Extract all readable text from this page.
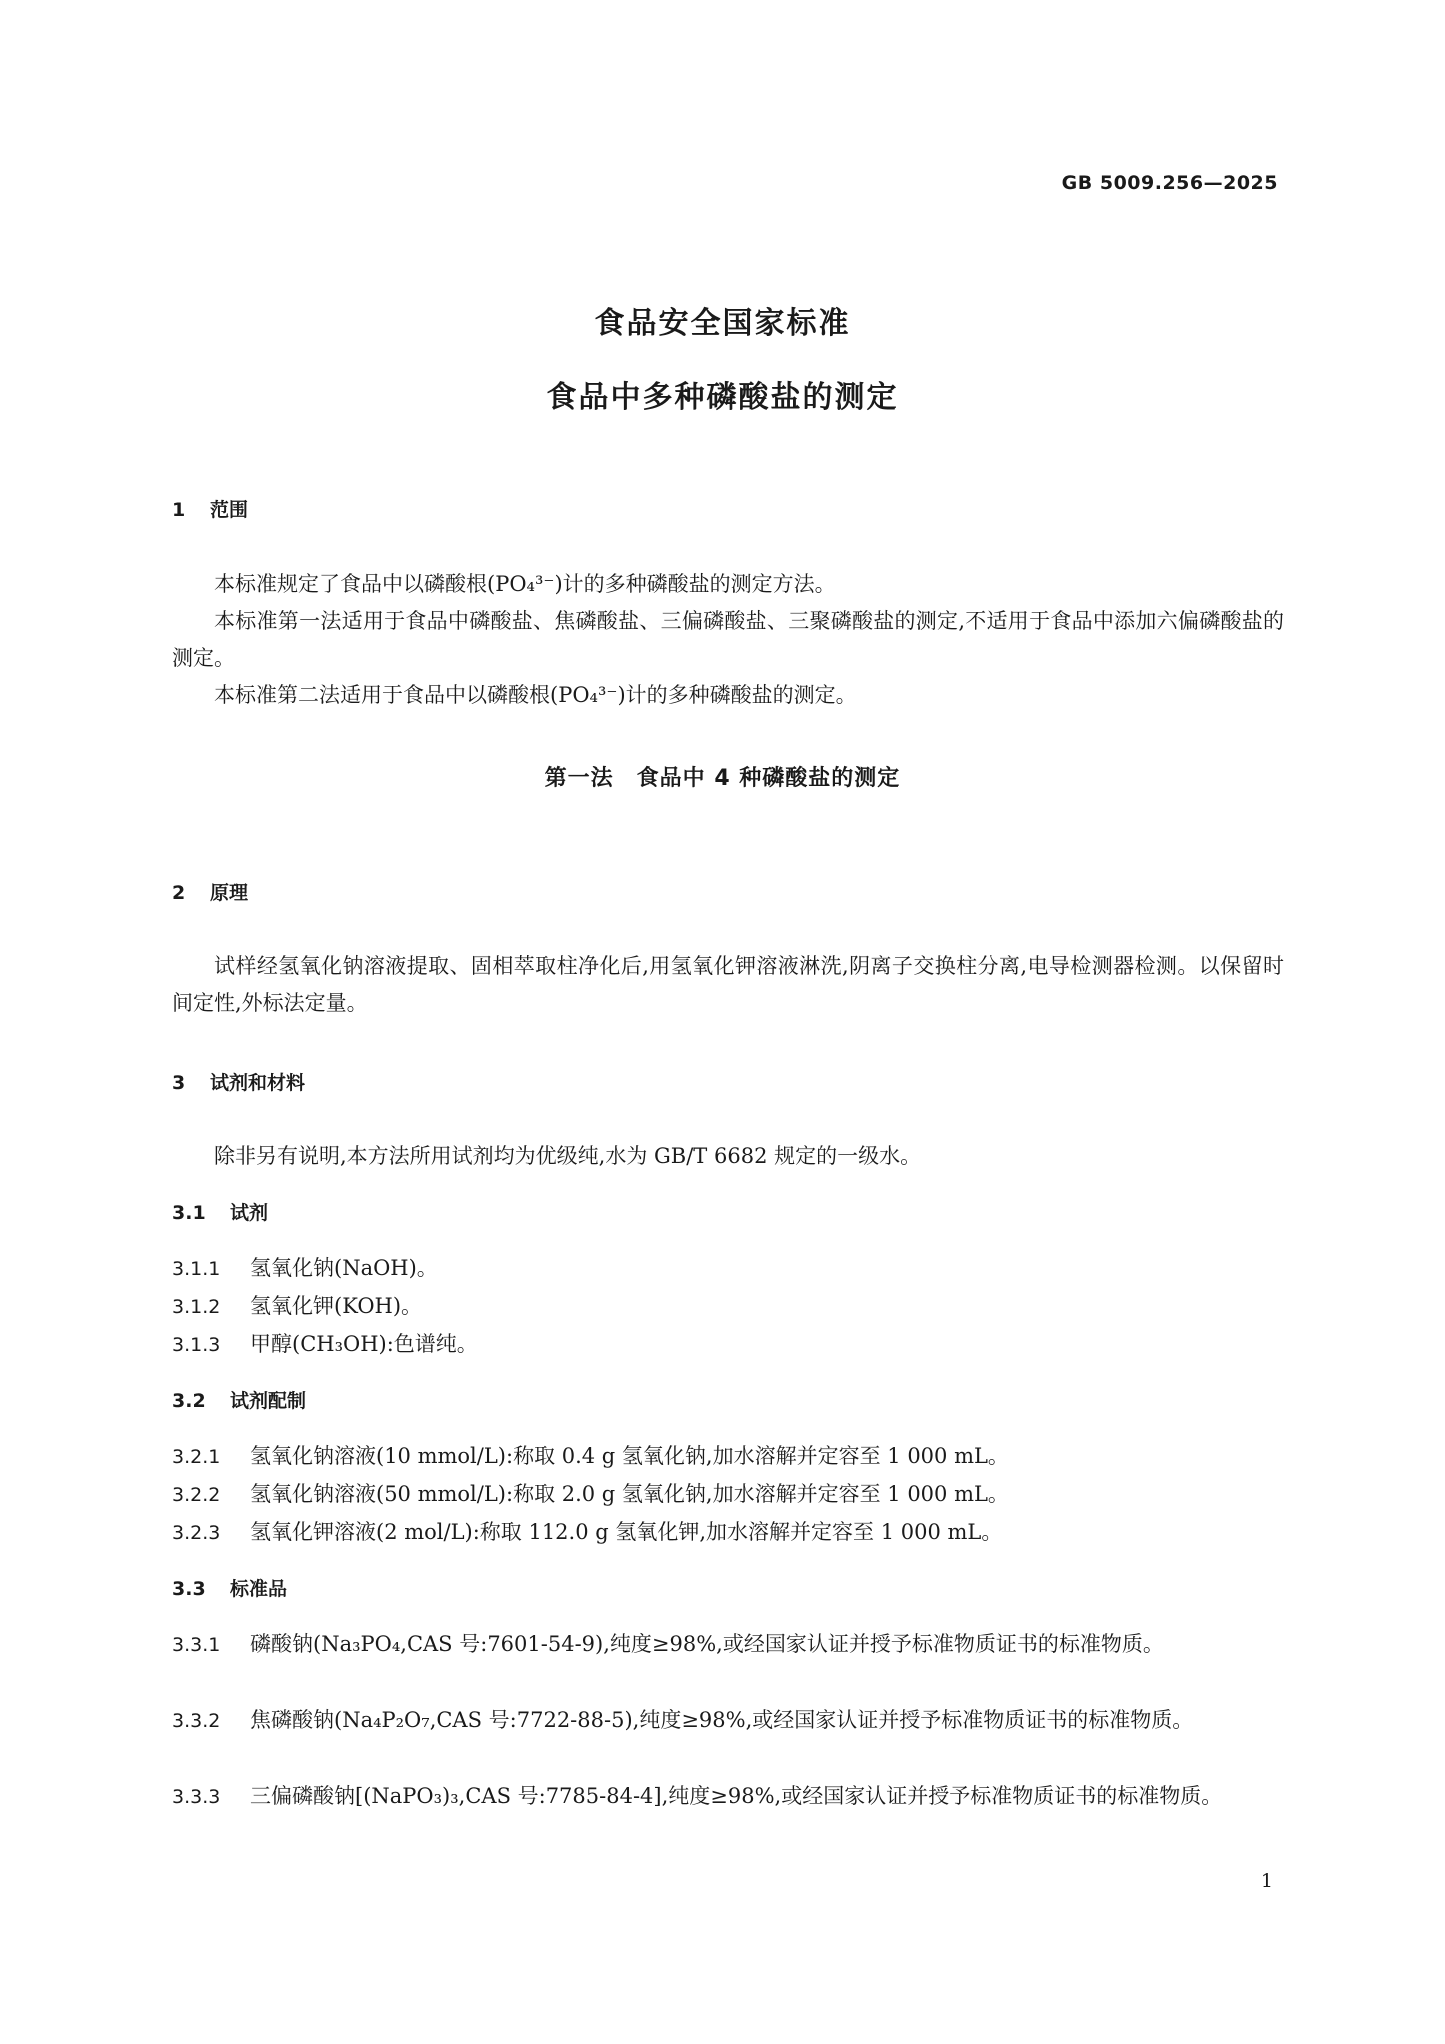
GB 5009.256—2025
食品安全国家标准
食品中多种磷酸盐的测定
1 范围
本标准规定了食品中以磷酸根(PO₄³⁻)计的多种磷酸盐的测定方法。
本标准第一法适用于食品中磷酸盐、焦磷酸盐、三偏磷酸盐、三聚磷酸盐的测定,不适用于食品中添加六偏磷酸盐的测定。
本标准第二法适用于食品中以磷酸根(PO₄³⁻)计的多种磷酸盐的测定。
第一法　食品中 4 种磷酸盐的测定
2 原理
试样经氢氧化钠溶液提取、固相萃取柱净化后,用氢氧化钾溶液淋洗,阴离子交换柱分离,电导检测器检测。以保留时间定性,外标法定量。
3 试剂和材料
除非另有说明,本方法所用试剂均为优级纯,水为 GB/T 6682 规定的一级水。
3.1 试剂
3.1.1 氢氧化钠(NaOH)。
3.1.2 氢氧化钾(KOH)。
3.1.3 甲醇(CH₃OH):色谱纯。
3.2 试剂配制
3.2.1 氢氧化钠溶液(10 mmol/L):称取 0.4 g 氢氧化钠,加水溶解并定容至 1 000 mL。
3.2.2 氢氧化钠溶液(50 mmol/L):称取 2.0 g 氢氧化钠,加水溶解并定容至 1 000 mL。
3.2.3 氢氧化钾溶液(2 mol/L):称取 112.0 g 氢氧化钾,加水溶解并定容至 1 000 mL。
3.3 标准品
3.3.1 磷酸钠(Na₃PO₄,CAS 号:7601-54-9),纯度≥98%,或经国家认证并授予标准物质证书的标准物质。
3.3.2 焦磷酸钠(Na₄P₂O₇,CAS 号:7722-88-5),纯度≥98%,或经国家认证并授予标准物质证书的标准物质。
3.3.3 三偏磷酸钠[(NaPO₃)₃,CAS 号:7785-84-4],纯度≥98%,或经国家认证并授予标准物质证书的标准物质。
1
